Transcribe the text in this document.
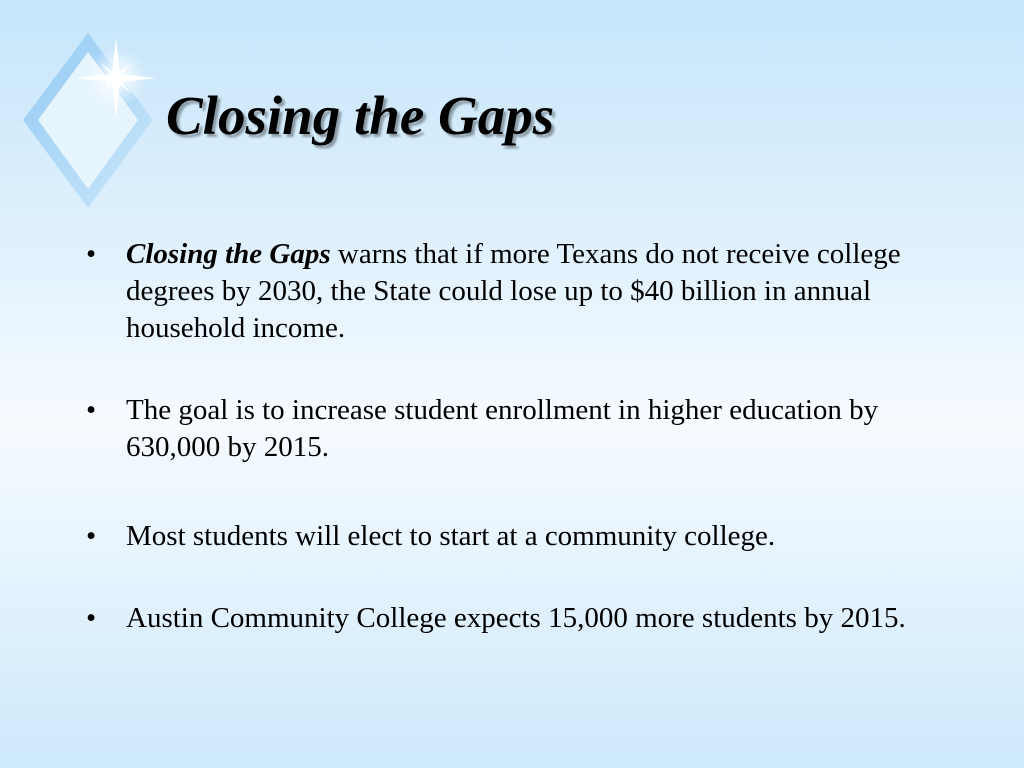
Closing the Gaps
• Closing the Gaps warns that if more Texans do not receive college degrees by 2030, the State could lose up to $40 billion in annual household income.
• The goal is to increase student enrollment in higher education by 630,000 by 2015.
• Most students will elect to start at a community college.
• Austin Community College expects 15,000 more students by 2015.
